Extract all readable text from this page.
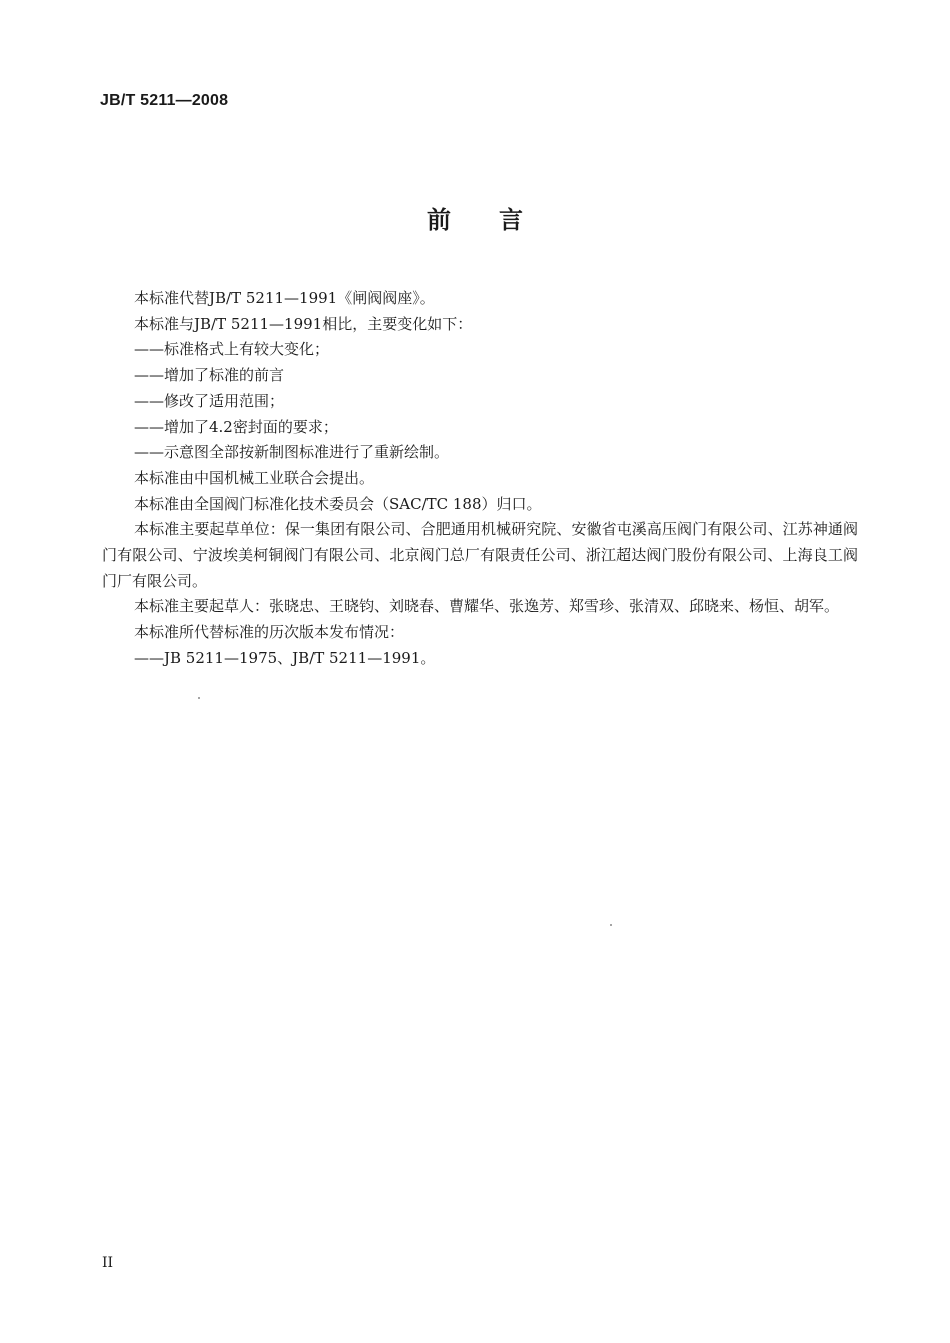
JB/T 5211—2008
前言

本标准代替JB/T 5211—1991《闸阀阀座》。

本标准与JB/T 5211—1991相比，主要变化如下：

——标准格式上有较大变化；

——增加了标准的前言

——修改了适用范围；

——增加了4.2密封面的要求；

——示意图全部按新制图标准进行了重新绘制。

本标准由中国机械工业联合会提出。

本标准由全国阀门标准化技术委员会（SAC/TC 188）归口。

本标准主要起草单位：保一集团有限公司、合肥通用机械研究院、安徽省屯溪高压阀门有限公司、江苏神通阀门有限公司、宁波埃美柯铜阀门有限公司、北京阀门总厂有限责任公司、浙江超达阀门股份有限公司、上海良工阀门厂有限公司。

本标准主要起草人：张晓忠、王晓钧、刘晓春、曹耀华、张逸芳、郑雪珍、张清双、邱晓来、杨恒、胡军。

本标准所代替标准的历次版本发布情况：

——JB 5211—1975、JB/T 5211—1991。

II
